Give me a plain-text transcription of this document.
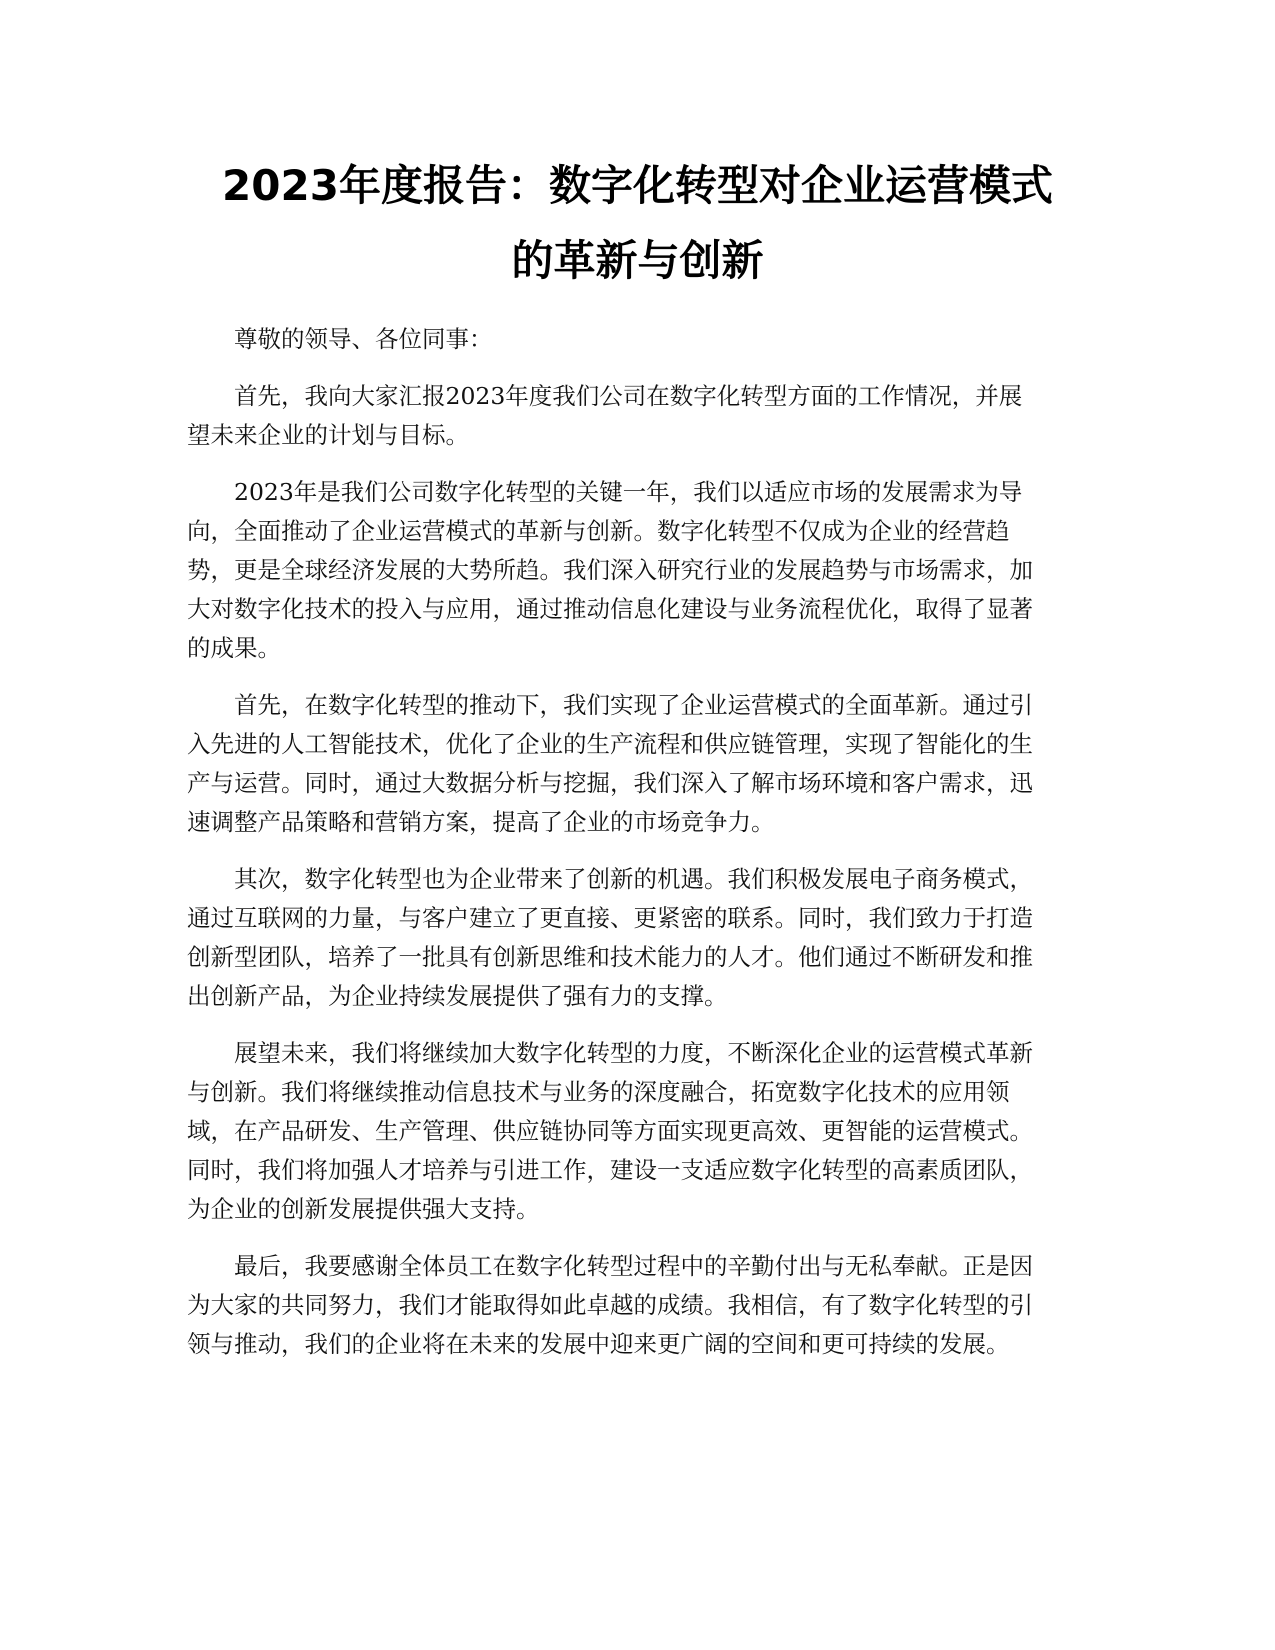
2023年度报告：数字化转型对企业运营模式
的革新与创新

尊敬的领导、各位同事：

首先，我向大家汇报2023年度我们公司在数字化转型方面的工作情况，并展
望未来企业的计划与目标。

2023年是我们公司数字化转型的关键一年，我们以适应市场的发展需求为导
向，全面推动了企业运营模式的革新与创新。数字化转型不仅成为企业的经营趋
势，更是全球经济发展的大势所趋。我们深入研究行业的发展趋势与市场需求，加
大对数字化技术的投入与应用，通过推动信息化建设与业务流程优化，取得了显著
的成果。

首先，在数字化转型的推动下，我们实现了企业运营模式的全面革新。通过引
入先进的人工智能技术，优化了企业的生产流程和供应链管理，实现了智能化的生
产与运营。同时，通过大数据分析与挖掘，我们深入了解市场环境和客户需求，迅
速调整产品策略和营销方案，提高了企业的市场竞争力。

其次，数字化转型也为企业带来了创新的机遇。我们积极发展电子商务模式，
通过互联网的力量，与客户建立了更直接、更紧密的联系。同时，我们致力于打造
创新型团队，培养了一批具有创新思维和技术能力的人才。他们通过不断研发和推
出创新产品，为企业持续发展提供了强有力的支撑。

展望未来，我们将继续加大数字化转型的力度，不断深化企业的运营模式革新
与创新。我们将继续推动信息技术与业务的深度融合，拓宽数字化技术的应用领
域，在产品研发、生产管理、供应链协同等方面实现更高效、更智能的运营模式。
同时，我们将加强人才培养与引进工作，建设一支适应数字化转型的高素质团队，
为企业的创新发展提供强大支持。

最后，我要感谢全体员工在数字化转型过程中的辛勤付出与无私奉献。正是因
为大家的共同努力，我们才能取得如此卓越的成绩。我相信，有了数字化转型的引
领与推动，我们的企业将在未来的发展中迎来更广阔的空间和更可持续的发展。
